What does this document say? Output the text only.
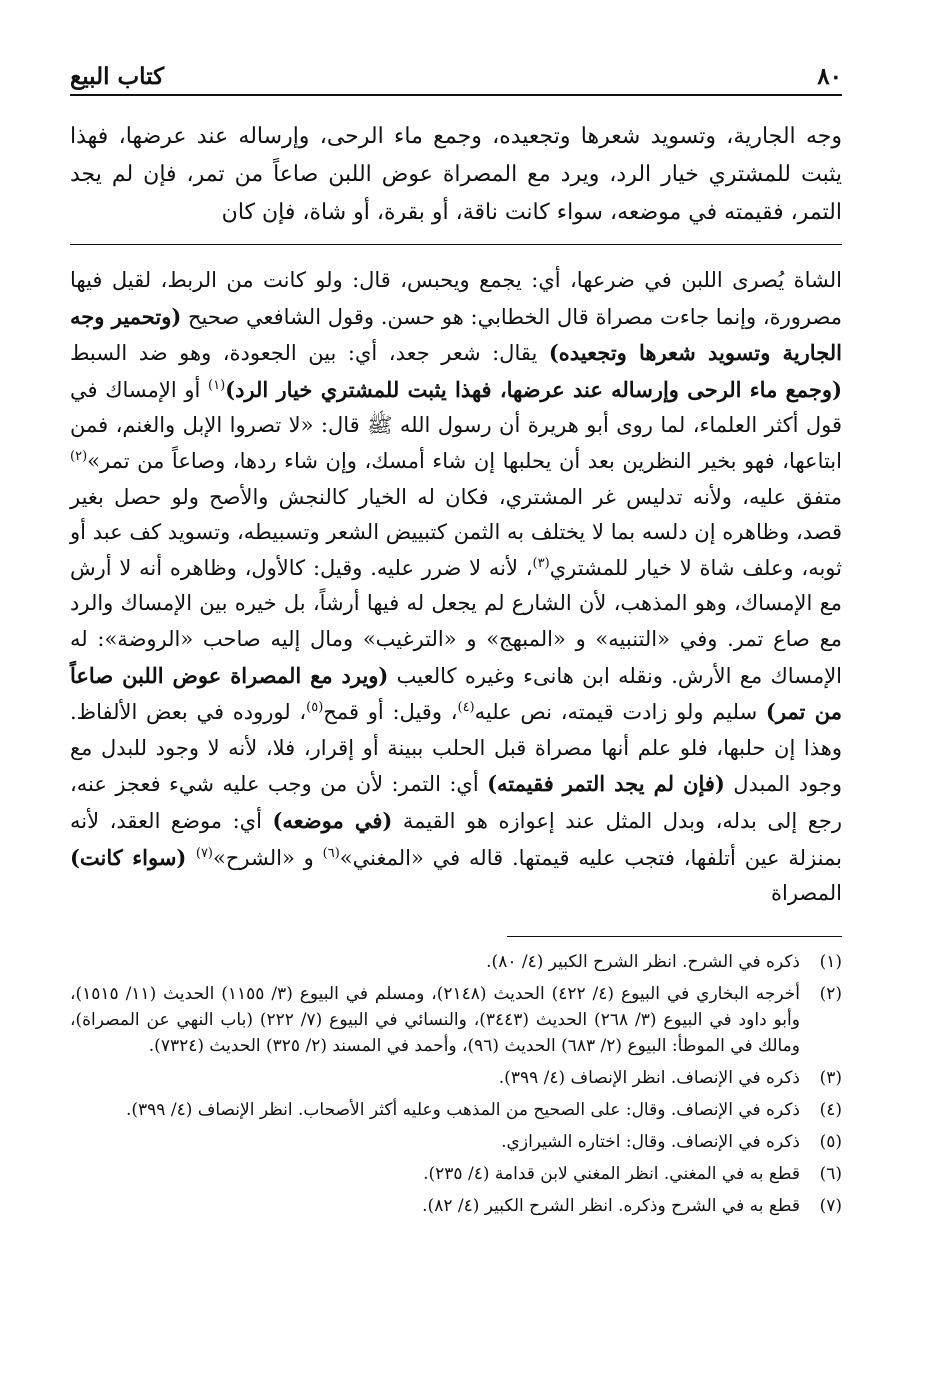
٨٠
كتاب البيع

وجه الجارية، وتسويد شعرها وتجعيده، وجمع ماء الرحى، وإرساله عند عرضها، فهذا يثبت للمشتري خيار الرد، ويرد مع المصراة عوض اللبن صاعاً من تمر، فإن لم يجد التمر، فقيمته في موضعه، سواء كانت ناقة، أو بقرة، أو شاة، فإن كان

الشاة يُصرى اللبن في ضرعها، أي: يجمع ويحبس، قال: ولو كانت من الربط، لقيل فيها مصرورة، وإنما جاءت مصراة قال الخطابي: هو حسن. وقول الشافعي صحيح (وتحمير وجه الجارية وتسويد شعرها وتجعيده) يقال: شعر جعد، أي: بين الجعودة، وهو ضد السبط (وجمع ماء الرحى وإرساله عند عرضها، فهذا يثبت للمشتري خيار الرد)$^{(١)}$ أو الإمساك في قول أكثر العلماء، لما روى أبو هريرة أن رسول الله ﷺ قال: «لا تصروا الإبل والغنم، فمن ابتاعها، فهو بخير النظرين بعد أن يحلبها إن شاء أمسك، وإن شاء ردها، وصاعاً من تمر»$^{(٢)}$ متفق عليه، ولأنه تدليس غر المشتري، فكان له الخيار كالنجش والأصح ولو حصل بغير قصد، وظاهره إن دلسه بما لا يختلف به الثمن كتبييض الشعر وتسبيطه، وتسويد كف عبد أو ثوبه، وعلف شاة لا خيار للمشتري$^{(٣)}$، لأنه لا ضرر عليه. وقيل: كالأول، وظاهره أنه لا أرش مع الإمساك، وهو المذهب، لأن الشارع لم يجعل له فيها أرشاً، بل خيره بين الإمساك والرد مع صاع تمر. وفي «التنبيه» و «المبهج» و «الترغيب» ومال إليه صاحب «الروضة»: له الإمساك مع الأرش. ونقله ابن هانىء وغيره كالعيب (ويرد مع المصراة عوض اللبن صاعاً من تمر) سليم ولو زادت قيمته، نص عليه$^{(٤)}$، وقيل: أو قمح$^{(٥)}$، لوروده في بعض الألفاظ. وهذا إن حلبها، فلو علم أنها مصراة قبل الحلب ببينة أو إقرار، فلا، لأنه لا وجود للبدل مع وجود المبدل (فإن لم يجد التمر فقيمته) أي: التمر: لأن من وجب عليه شيء فعجز عنه، رجع إلى بدله، وبدل المثل عند إعوازه هو القيمة (في موضعه) أي: موضع العقد، لأنه بمنزلة عين أتلفها، فتجب عليه قيمتها. قاله في «المغني»$^{(٦)}$ و «الشرح»$^{(٧)}$ (سواء كانت) المصراة

(١)
ذكره في الشرح. انظر الشرح الكبير (٤/ ٨٠).
(٢)
أخرجه البخاري في البيوع (٤/ ٤٢٢) الحديث (٢١٤٨)، ومسلم في البيوع (٣/ ١١٥٥) الحديث (١١/ ١٥١٥)، وأبو داود في البيوع (٣/ ٢٦٨) الحديث (٣٤٤٣)، والنسائي في البيوع (٧/ ٢٢٢) (باب النهي عن المصراة)، ومالك في الموطأ: البيوع (٢/ ٦٨٣) الحديث (٩٦)، وأحمد في المسند (٢/ ٣٢٥) الحديث (٧٣٢٤).
(٣)
ذكره في الإنصاف. انظر الإنصاف (٤/ ٣٩٩).
(٤)
ذكره في الإنصاف. وقال: على الصحيح من المذهب وعليه أكثر الأصحاب. انظر الإنصاف (٤/ ٣٩٩).
(٥)
ذكره في الإنصاف. وقال: اختاره الشيرازي.
(٦)
قطع به في المغني. انظر المغني لابن قدامة (٤/ ٢٣٥).
(٧)
قطع به في الشرح وذكره. انظر الشرح الكبير (٤/ ٨٢).
